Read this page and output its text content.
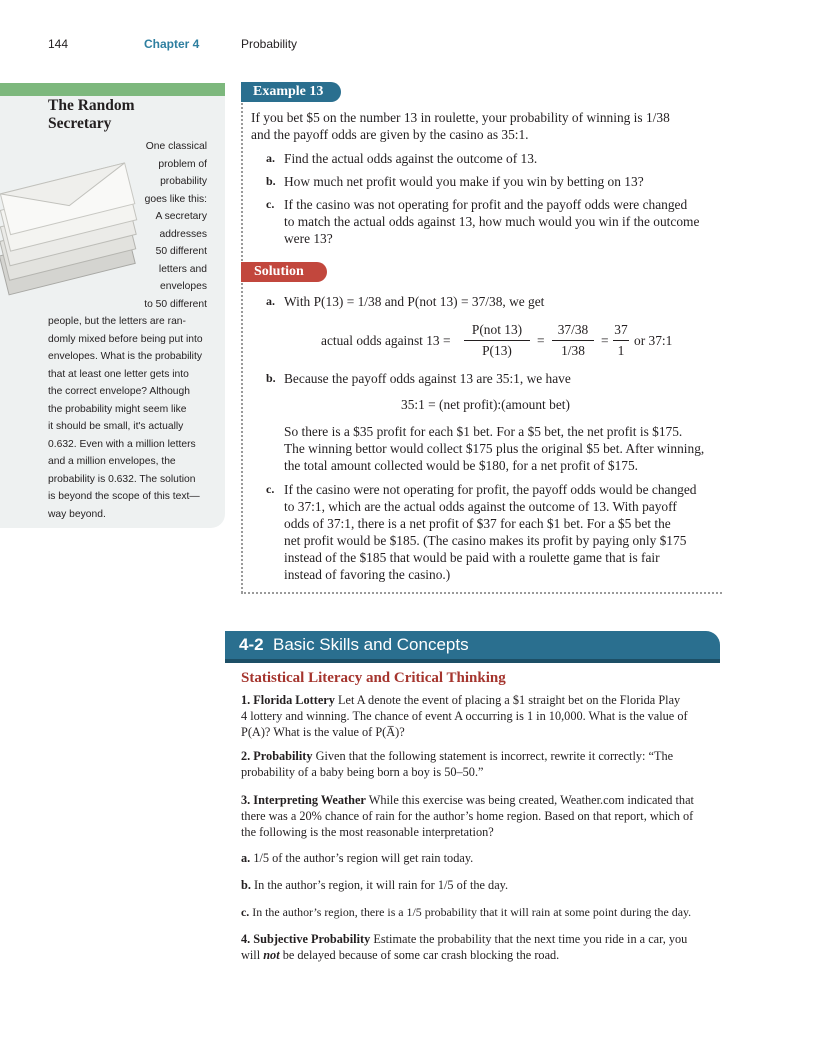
144	Chapter 4	Probability
The Random
Secretary
One classical
problem of
probability
goes like this:
A secretary
addresses
50 different
letters and
envelopes
to 50 different
people, but the letters are ran-
domly mixed before being put into
envelopes. What is the probability
that at least one letter gets into
the correct envelope? Although
the probability might seem like
it should be small, it's actually
0.632. Even with a million letters
and a million envelopes, the
probability is 0.632. The solution
is beyond the scope of this text—
way beyond.
Example 13
If you bet $5 on the number 13 in roulette, your probability of winning is 1/38
and the payoff odds are given by the casino as 35:1.
a. Find the actual odds against the outcome of 13.
b. How much net profit would you make if you win by betting on 13?
c. If the casino was not operating for profit and the payoff odds were changed
to match the actual odds against 13, how much would you win if the outcome
were 13?
Solution
a. With P(13) = 1/38 and P(not 13) = 37/38, we get
actual odds against 13 =
P(not 13)
P(13)
=
37/38
1/38
=
37
1
or 37:1
b. Because the payoff odds against 13 are 35:1, we have
35:1 = (net profit):(amount bet)
So there is a $35 profit for each $1 bet. For a $5 bet, the net profit is $175.
The winning bettor would collect $175 plus the original $5 bet. After winning,
the total amount collected would be $180, for a net profit of $175.
c. If the casino were not operating for profit, the payoff odds would be changed
to 37:1, which are the actual odds against the outcome of 13. With payoff
odds of 37:1, there is a net profit of $37 for each $1 bet. For a $5 bet the
net profit would be $185. (The casino makes its profit by paying only $175
instead of the $185 that would be paid with a roulette game that is fair
instead of favoring the casino.)
4-2 Basic Skills and Concepts
Statistical Literacy and Critical Thinking
1. Florida Lottery Let A denote the event of placing a $1 straight bet on the Florida Play
4 lottery and winning. The chance of event A occurring is 1 in 10,000. What is the value of
P(A)? What is the value of P(A̅)?
2. Probability Given that the following statement is incorrect, rewrite it correctly: “The
probability of a baby being born a boy is 50–50.”
3. Interpreting Weather While this exercise was being created, Weather.com indicated that
there was a 20% chance of rain for the author’s home region. Based on that report, which of
the following is the most reasonable interpretation?
a. 1/5 of the author’s region will get rain today.
b. In the author’s region, it will rain for 1/5 of the day.
c. In the author’s region, there is a 1/5 probability that it will rain at some point during the day.
4. Subjective Probability Estimate the probability that the next time you ride in a car, you
will not be delayed because of some car crash blocking the road.
